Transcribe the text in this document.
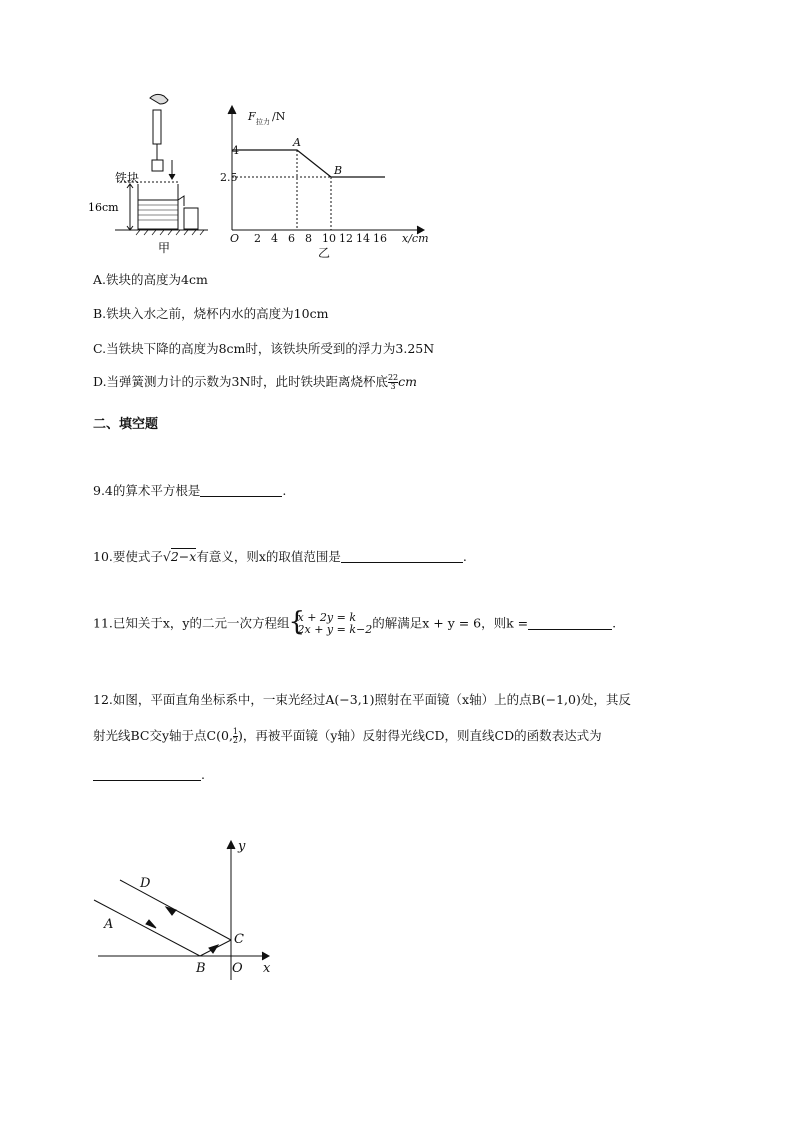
铁块
16cm
甲
F 拉力 /N
4
2.5
A
B
O 2 4 6 8 10 12 14 16 x/cm
乙
A.铁块的高度为4cm
B.铁块入水之前，烧杯内水的高度为10cm
C.当铁块下降的高度为8cm时，该铁块所受到的浮力为3.25N
D.当弹簧测力计的示数为3N时，此时铁块距离烧杯底 $\frac{22}{3}$ cm
二、填空题
9.4的算术平方根是	.
10.要使式子√2−x有意义，则x的取值范围是	.
11.已知关于x，y的二元一次方程组
{ x + 2y = k
2x + y = k−2 的解满足x + y = 6，则k =	.
12.如图，平面直角坐标系中，一束光经过A(−3,1)照射在平面镜（x轴）上的点B(−1,0)处，其反
射光线BC交y轴于点C(0, $\frac{1}{2}$ )，再被平面镜（y轴）反射得光线CD，则直线CD的函数表达式为
.
y
x
O
A
B
C
D
